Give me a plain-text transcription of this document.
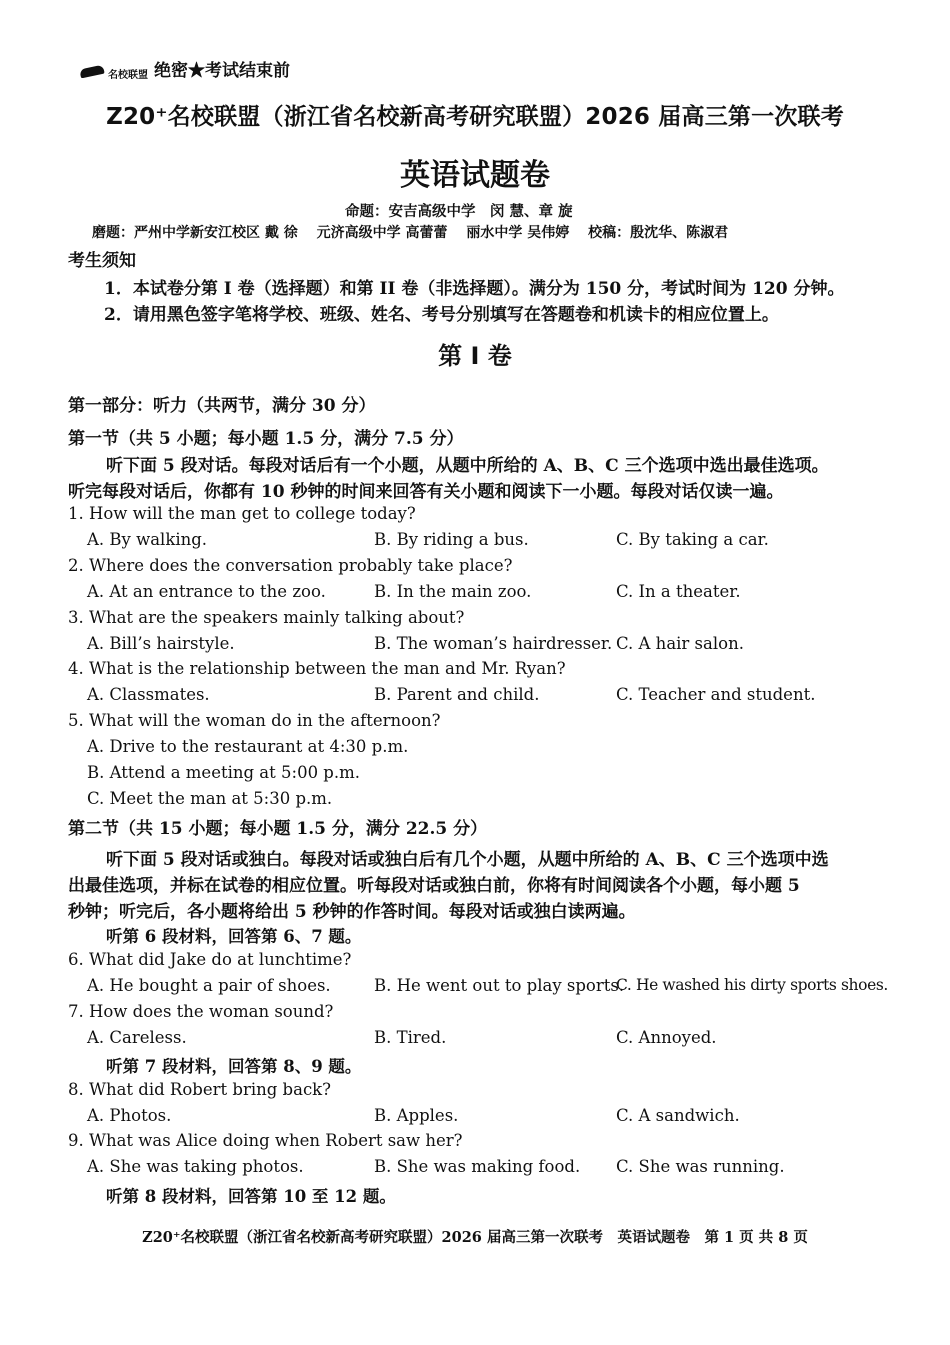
名校联盟 绝密★考试结束前
Z20⁺名校联盟（浙江省名校新高考研究联盟）2026 届高三第一次联考
英语试题卷
命题：安吉高级中学　闵 慧、章 旋
磨题：严州中学新安江校区 戴 徐　 元济高级中学 高蕾蕾　 丽水中学 吴伟婷　 校稿：殷沈华、陈淑君
考生须知
1．本试卷分第 I 卷（选择题）和第 II 卷（非选择题）。满分为 150 分，考试时间为 120 分钟。
2．请用黑色签字笔将学校、班级、姓名、考号分别填写在答题卷和机读卡的相应位置上。
第 I 卷
第一部分：听力（共两节，满分 30 分）
第一节（共 5 小题；每小题 1.5 分，满分 7.5 分）
听下面 5 段对话。每段对话后有一个小题，从题中所给的 A、B、C 三个选项中选出最佳选项。
听完每段对话后，你都有 10 秒钟的时间来回答有关小题和阅读下一小题。每段对话仅读一遍。
1. How will the man get to college today?
A. By walking.	B. By riding a bus.	C. By taking a car.
2. Where does the conversation probably take place?
A. At an entrance to the zoo.	B. In the main zoo.	C. In a theater.
3. What are the speakers mainly talking about?
A. Bill’s hairstyle.	B. The woman’s hairdresser. C. A hair salon.
4. What is the relationship between the man and Mr. Ryan?
A. Classmates.	B. Parent and child.	C. Teacher and student.
5. What will the woman do in the afternoon?
A. Drive to the restaurant at 4:30 p.m.
B. Attend a meeting at 5:00 p.m.
C. Meet the man at 5:30 p.m.
第二节（共 15 小题；每小题 1.5 分，满分 22.5 分）
听下面 5 段对话或独白。每段对话或独白后有几个小题，从题中所给的 A、B、C 三个选项中选
出最佳选项，并标在试卷的相应位置。听每段对话或独白前，你将有时间阅读各个小题，每小题 5
秒钟；听完后，各小题将给出 5 秒钟的作答时间。每段对话或独白读两遍。
听第 6 段材料，回答第 6、7 题。
6. What did Jake do at lunchtime?
A. He bought a pair of shoes.	B. He went out to play sports.
C. He washed his dirty sports shoes.
7. How does the woman sound?
A. Careless.	B. Tired.	C. Annoyed.
听第 7 段材料，回答第 8、9 题。
8. What did Robert bring back?
A. Photos.	B. Apples.	C. A sandwich.
9. What was Alice doing when Robert saw her?
A. She was taking photos.	B. She was making food. C. She was running.
听第 8 段材料，回答第 10 至 12 题。
Z20⁺名校联盟（浙江省名校新高考研究联盟）2026 届高三第一次联考　英语试题卷　第 1 页 共 8 页
